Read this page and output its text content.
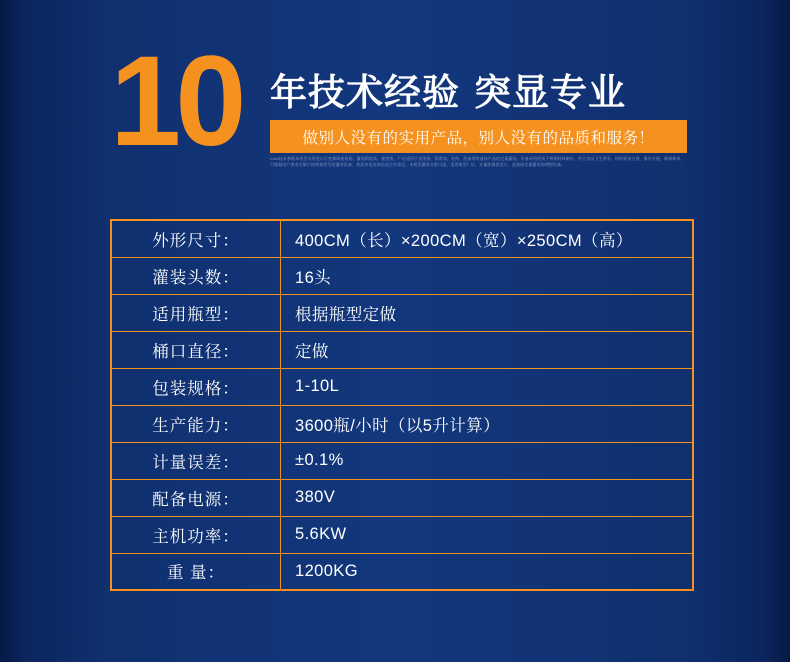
10 年技术经验 突显专业
做别人没有的实用产品，别人没有的品质和服务！
CAN技术参数本机型采用进口可变频调速机构，灌装精度高，速度快，广泛适用于食用油、润滑油、农药、洗涤剂等液体产品的定量灌装。设备采用优质不锈钢材料制作，符合食品卫生要求，结构紧凑合理，操作方便，维修简单，可根据用户要求定制不同规格型号的灌装设备，欢迎来电咨询洽谈合作事宜。本机型灌装头数可选，适用瓶型广泛，计量准确误差小，是液体定量灌装的理想设备。
外形尺寸：	400CM（长）×200CM（宽）×250CM（高）
灌装头数：	16头
适用瓶型：	根据瓶型定做
桶口直径：	定做
包装规格：	1-10L
生产能力：	3600瓶/小时（以5升计算）
计量误差：	±0.1%
配备电源：	380V
主机功率：	5.6KW
重 量：	1200KG
